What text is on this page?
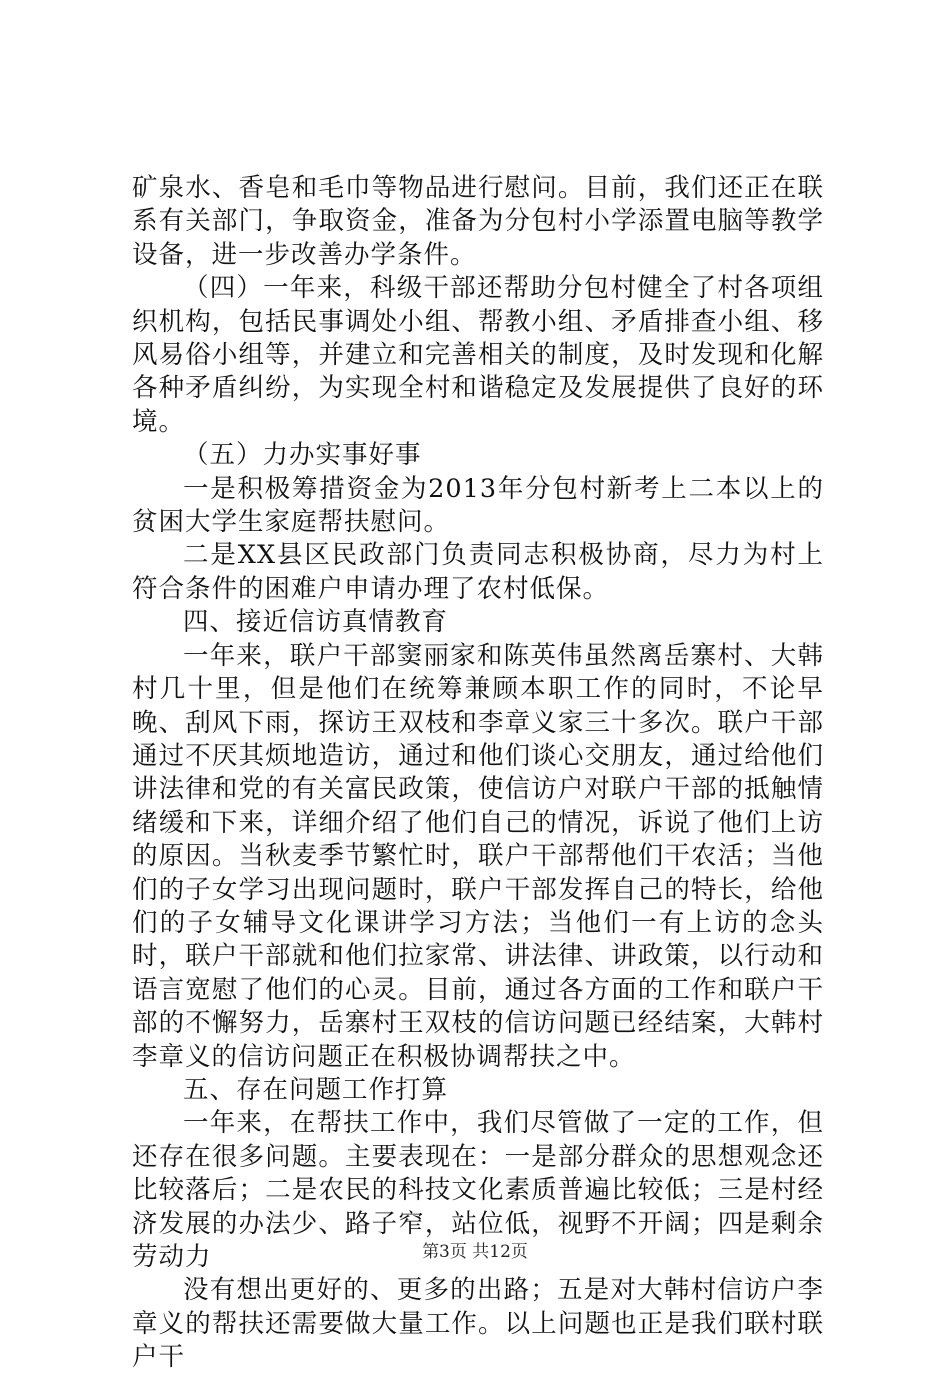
矿泉水、香皂和毛巾等物品进行慰问。目前，我们还正在联系有关部门，争取资金，准备为分包村小学添置电脑等教学设备，进一步改善办学条件。

（四）一年来，科级干部还帮助分包村健全了村各项组织机构，包括民事调处小组、帮教小组、矛盾排查小组、移风易俗小组等，并建立和完善相关的制度，及时发现和化解各种矛盾纠纷，为实现全村和谐稳定及发展提供了良好的环境。

（五）力办实事好事

一是积极筹措资金为2013年分包村新考上二本以上的贫困大学生家庭帮扶慰问。

二是XX县区民政部门负责同志积极协商，尽力为村上符合条件的困难户申请办理了农村低保。

四、接近信访真情教育

一年来，联户干部窦丽家和陈英伟虽然离岳寨村、大韩村几十里，但是他们在统筹兼顾本职工作的同时，不论早晚、刮风下雨，探访王双枝和李章义家三十多次。联户干部通过不厌其烦地造访，通过和他们谈心交朋友，通过给他们讲法律和党的有关富民政策，使信访户对联户干部的抵触情绪缓和下来，详细介绍了他们自己的情况，诉说了他们上访的原因。当秋麦季节繁忙时，联户干部帮他们干农活；当他们的子女学习出现问题时，联户干部发挥自己的特长，给他们的子女辅导文化课讲学习方法；当他们一有上访的念头时，联户干部就和他们拉家常、讲法律、讲政策，以行动和语言宽慰了他们的心灵。目前，通过各方面的工作和联户干部的不懈努力，岳寨村王双枝的信访问题已经结案，大韩村李章义的信访问题正在积极协调帮扶之中。

五、存在问题工作打算

一年来，在帮扶工作中，我们尽管做了一定的工作，但还存在很多问题。主要表现在：一是部分群众的思想观念还比较落后；二是农民的科技文化素质普遍比较低；三是村经济发展的办法少、路子窄，站位低，视野不开阔；四是剩余劳动力

没有想出更好的、更多的出路；五是对大韩村信访户李章义的帮扶还需要做大量工作。以上问题也正是我们联村联户干

第3页 共12页
